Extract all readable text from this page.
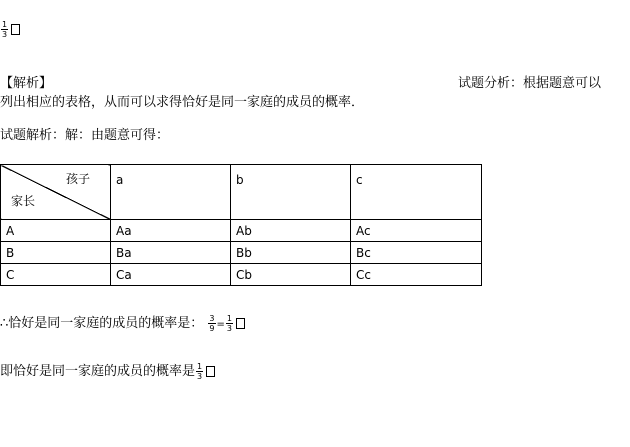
$\frac{1}{3}$
【解析】	试题分析：根据题意可以
列出相应的表格，从而可以求得恰好是同一家庭的成员的概率．
试题解析：解：由题意可得：
孩子
家长	a	b	c
A	Aa	Ab	Ac
B	Ba	Bb	Bc
C	Ca	Cb	Cc
∴恰好是同一家庭的成员的概率是： $\frac{3}{9} = \frac{1}{3}$
即恰好是同一家庭的成员的概率是 $\frac{1}{3}$
